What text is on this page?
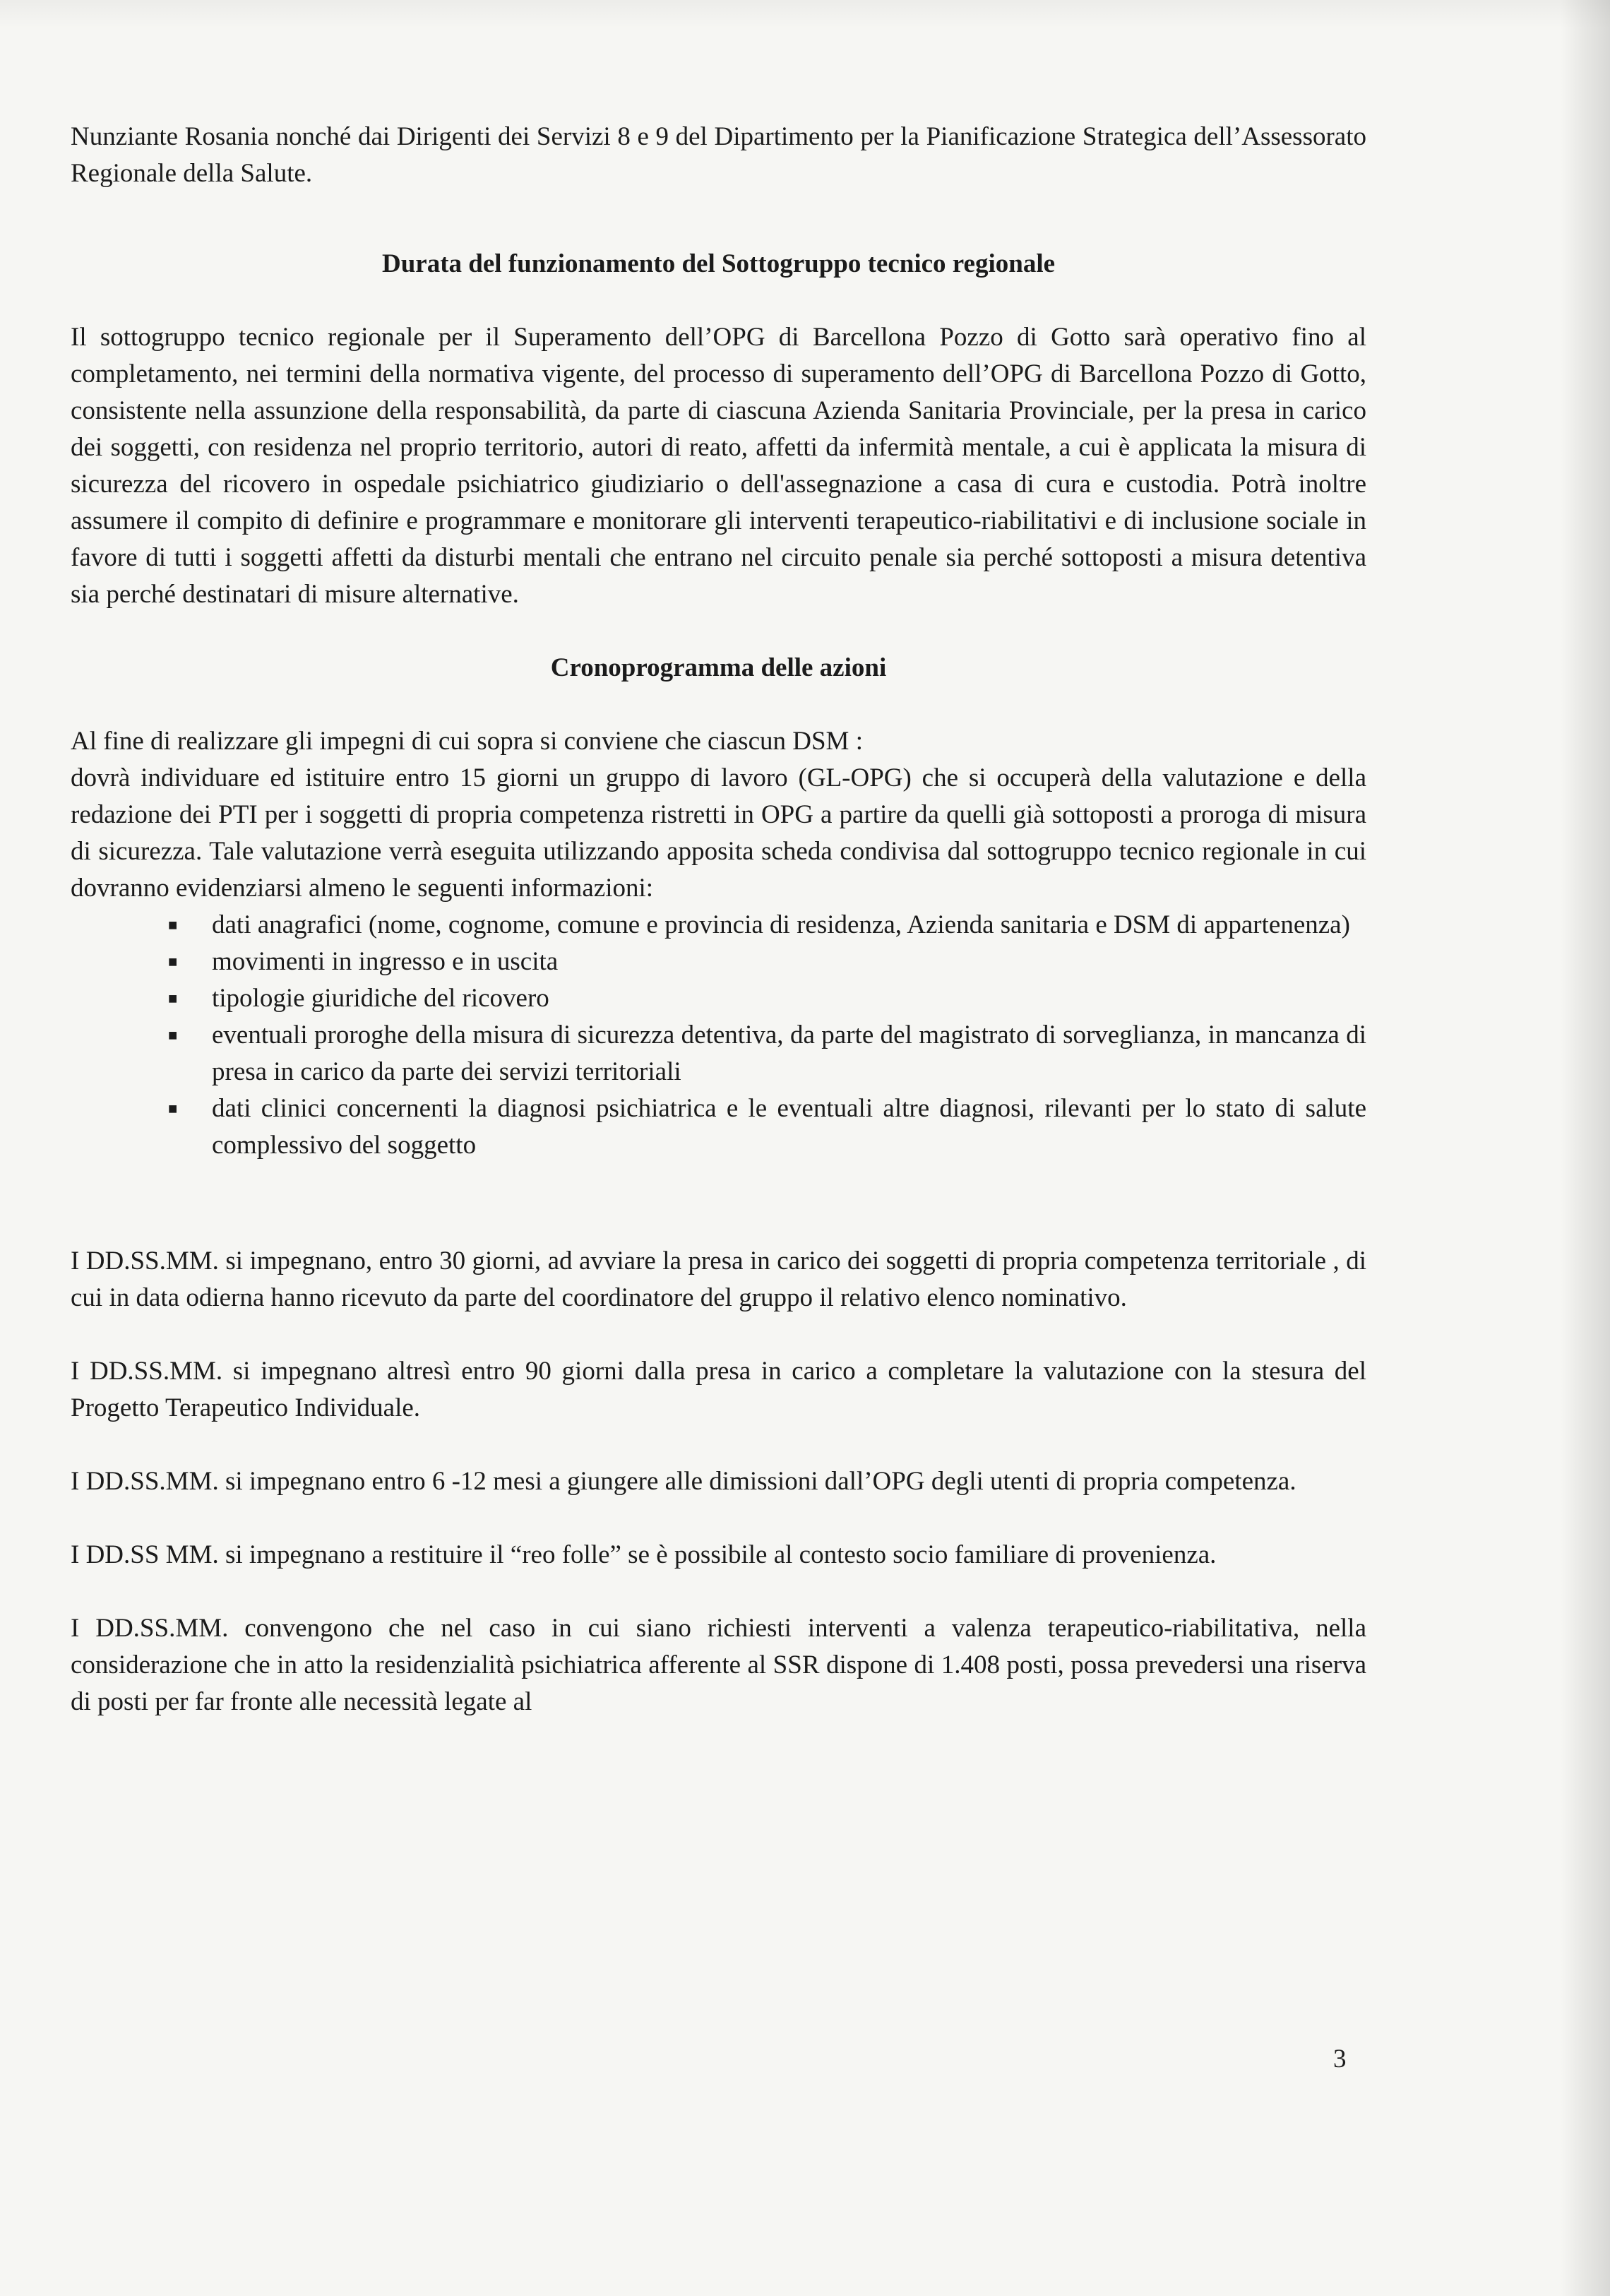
Nunziante Rosania nonché dai Dirigenti dei Servizi 8 e 9 del Dipartimento per la Pianificazione Strategica dell’Assessorato Regionale della Salute.

Durata del funzionamento del Sottogruppo tecnico regionale

Il sottogruppo tecnico regionale per il Superamento dell’OPG di Barcellona Pozzo di Gotto sarà operativo fino al completamento, nei termini della normativa vigente, del processo di superamento dell’OPG di Barcellona Pozzo di Gotto, consistente nella assunzione della responsabilità, da parte di ciascuna Azienda Sanitaria Provinciale, per la presa in carico dei soggetti, con residenza nel proprio territorio, autori di reato, affetti da infermità mentale, a cui è applicata la misura di sicurezza del ricovero in ospedale psichiatrico giudiziario o dell'assegnazione a casa di cura e custodia. Potrà inoltre assumere il compito di definire e programmare e monitorare gli interventi terapeutico-riabilitativi e di inclusione sociale in favore di tutti i soggetti affetti da disturbi mentali che entrano nel circuito penale sia perché sottoposti a misura detentiva sia perché destinatari di misure alternative.

Cronoprogramma delle azioni

Al fine di realizzare gli impegni di cui sopra si conviene che ciascun DSM :

dovrà individuare ed istituire entro 15 giorni un gruppo di lavoro (GL-OPG) che si occuperà della valutazione e della redazione dei PTI per i soggetti di propria competenza ristretti in OPG a partire da quelli già sottoposti a proroga di misura di sicurezza. Tale valutazione verrà eseguita utilizzando apposita scheda condivisa dal sottogruppo tecnico regionale in cui dovranno evidenziarsi almeno le seguenti informazioni:

■ dati anagrafici (nome, cognome, comune e provincia di residenza, Azienda sanitaria e DSM di appartenenza)
■ movimenti in ingresso e in uscita
■ tipologie giuridiche del ricovero
■ eventuali proroghe della misura di sicurezza detentiva, da parte del magistrato di sorveglianza, in mancanza di presa in carico da parte dei servizi territoriali
■ dati clinici concernenti la diagnosi psichiatrica e le eventuali altre diagnosi, rilevanti per lo stato di salute complessivo del soggetto

I DD.SS.MM. si impegnano, entro 30 giorni, ad avviare la presa in carico dei soggetti di propria competenza territoriale , di cui in data odierna hanno ricevuto da parte del coordinatore del gruppo il relativo elenco nominativo.

I DD.SS.MM. si impegnano altresì entro 90 giorni dalla presa in carico a completare la valutazione con la stesura del Progetto Terapeutico Individuale.

I DD.SS.MM. si impegnano entro 6 -12 mesi a giungere alle dimissioni dall’OPG degli utenti di propria competenza.

I DD.SS MM. si impegnano a restituire il “reo folle” se è possibile al contesto socio familiare di provenienza.

I DD.SS.MM. convengono che nel caso in cui siano richiesti interventi a valenza terapeutico-riabilitativa, nella considerazione che in atto la residenzialità psichiatrica afferente al SSR dispone di 1.408 posti, possa prevedersi una riserva di posti per far fronte alle necessità legate al

3
